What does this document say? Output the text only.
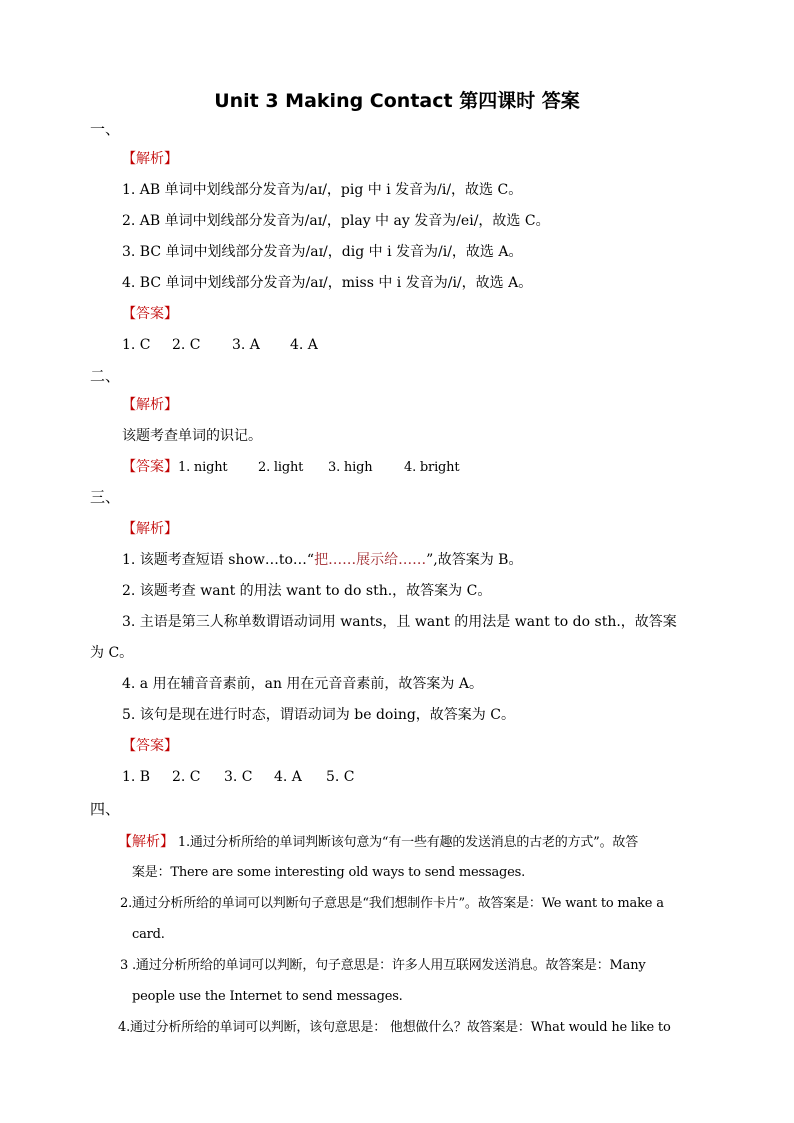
Unit 3 Making Contact 第四课时 答案
一、
【解析】
1. AB 单词中划线部分发音为/aɪ/，pig 中 i 发音为/i/，故选 C。
2. AB 单词中划线部分发音为/aɪ/，play 中 ay 发音为/ei/，故选 C。
3. BC 单词中划线部分发音为/aɪ/，dig 中 i 发音为/i/，故选 A。
4. BC 单词中划线部分发音为/aɪ/，miss 中 i 发音为/i/，故选 A。
【答案】
1. C 2. C 3. A 4. A
二、
【解析】
该题考查单词的识记。
【答案】1. night 2. light 3. high 4. bright
三、
【解析】
1. 该题考查短语 show…to…“把……展示给……”,故答案为 B。
2. 该题考查 want 的用法 want to do sth.，故答案为 C。
3. 主语是第三人称单数谓语动词用 wants，且 want 的用法是 want to do sth.，故答案
为 C。
4. a 用在辅音音素前，an 用在元音音素前，故答案为 A。
5. 该句是现在进行时态，谓语动词为 be doing，故答案为 C。
【答案】
1. B 2. C 3. C 4. A 5. C
四、
【解析】 1.通过分析所给的单词判断该句意为“有一些有趣的发送消息的古老的方式”。故答
案是：There are some interesting old ways to send messages.
2.通过分析所给的单词可以判断句子意思是“我们想制作卡片”。故答案是：We want to make a
card.
3 .通过分析所给的单词可以判断，句子意思是：许多人用互联网发送消息。故答案是：Many
people use the Internet to send messages.
4.通过分析所给的单词可以判断，该句意思是： 他想做什么？故答案是：What would he like to
